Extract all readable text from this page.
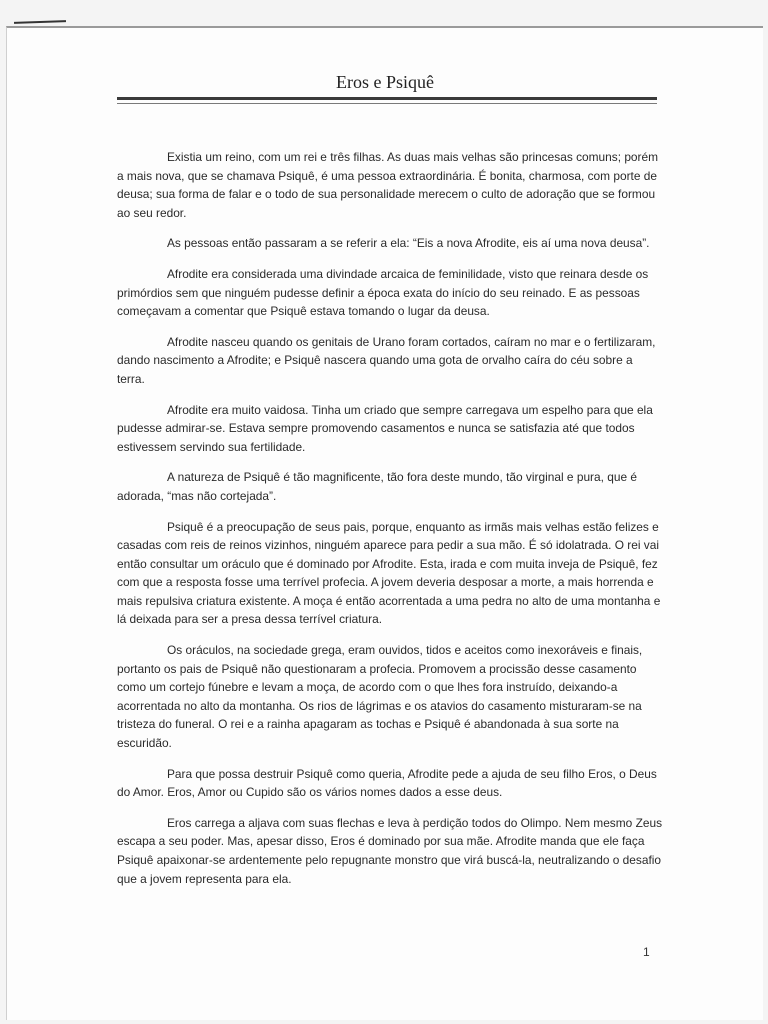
Eros e Psiquê

Existia um reino, com um rei e três filhas. As duas mais velhas são princesas comuns; porém a mais nova, que se chamava Psiquê, é uma pessoa extraordinária. É bonita, charmosa, com porte de deusa; sua forma de falar e o todo de sua personalidade merecem o culto de adoração que se formou ao seu redor.

As pessoas então passaram a se referir a ela: “Eis a nova Afrodite, eis aí uma nova deusa”.

Afrodite era considerada uma divindade arcaica de feminilidade, visto que reinara desde os primórdios sem que ninguém pudesse definir a época exata do início do seu reinado. E as pessoas começavam a comentar que Psiquê estava tomando o lugar da deusa.

Afrodite nasceu quando os genitais de Urano foram cortados, caíram no mar e o fertilizaram, dando nascimento a Afrodite; e Psiquê nascera quando uma gota de orvalho caíra do céu sobre a terra.

Afrodite era muito vaidosa. Tinha um criado que sempre carregava um espelho para que ela pudesse admirar-se. Estava sempre promovendo casamentos e nunca se satisfazia até que todos estivessem servindo sua fertilidade.

A natureza de Psiquê é tão magnificente, tão fora deste mundo, tão virginal e pura, que é adorada, “mas não cortejada”.

Psiquê é a preocupação de seus pais, porque, enquanto as irmãs mais velhas estão felizes e casadas com reis de reinos vizinhos, ninguém aparece para pedir a sua mão. É só idolatrada. O rei vai então consultar um oráculo que é dominado por Afrodite. Esta, irada e com muita inveja de Psiquê, fez com que a resposta fosse uma terrível profecia. A jovem deveria desposar a morte, a mais horrenda e mais repulsiva criatura existente. A moça é então acorrentada a uma pedra no alto de uma montanha e lá deixada para ser a presa dessa terrível criatura.

Os oráculos, na sociedade grega, eram ouvidos, tidos e aceitos como inexoráveis e finais, portanto os pais de Psiquê não questionaram a profecia. Promovem a procissão desse casamento como um cortejo fúnebre e levam a moça, de acordo com o que lhes fora instruído, deixando-a acorrentada no alto da montanha. Os rios de lágrimas e os atavios do casamento misturaram-se na tristeza do funeral. O rei e a rainha apagaram as tochas e Psiquê é abandonada à sua sorte na escuridão.

Para que possa destruir Psiquê como queria, Afrodite pede a ajuda de seu filho Eros, o Deus do Amor. Eros, Amor ou Cupido são os vários nomes dados a esse deus.

Eros carrega a aljava com suas flechas e leva à perdição todos do Olimpo. Nem mesmo Zeus escapa a seu poder. Mas, apesar disso, Eros é dominado por sua mãe. Afrodite manda que ele faça Psiquê apaixonar-se ardentemente pelo repugnante monstro que virá buscá-la, neutralizando o desafio que a jovem representa para ela.

1
